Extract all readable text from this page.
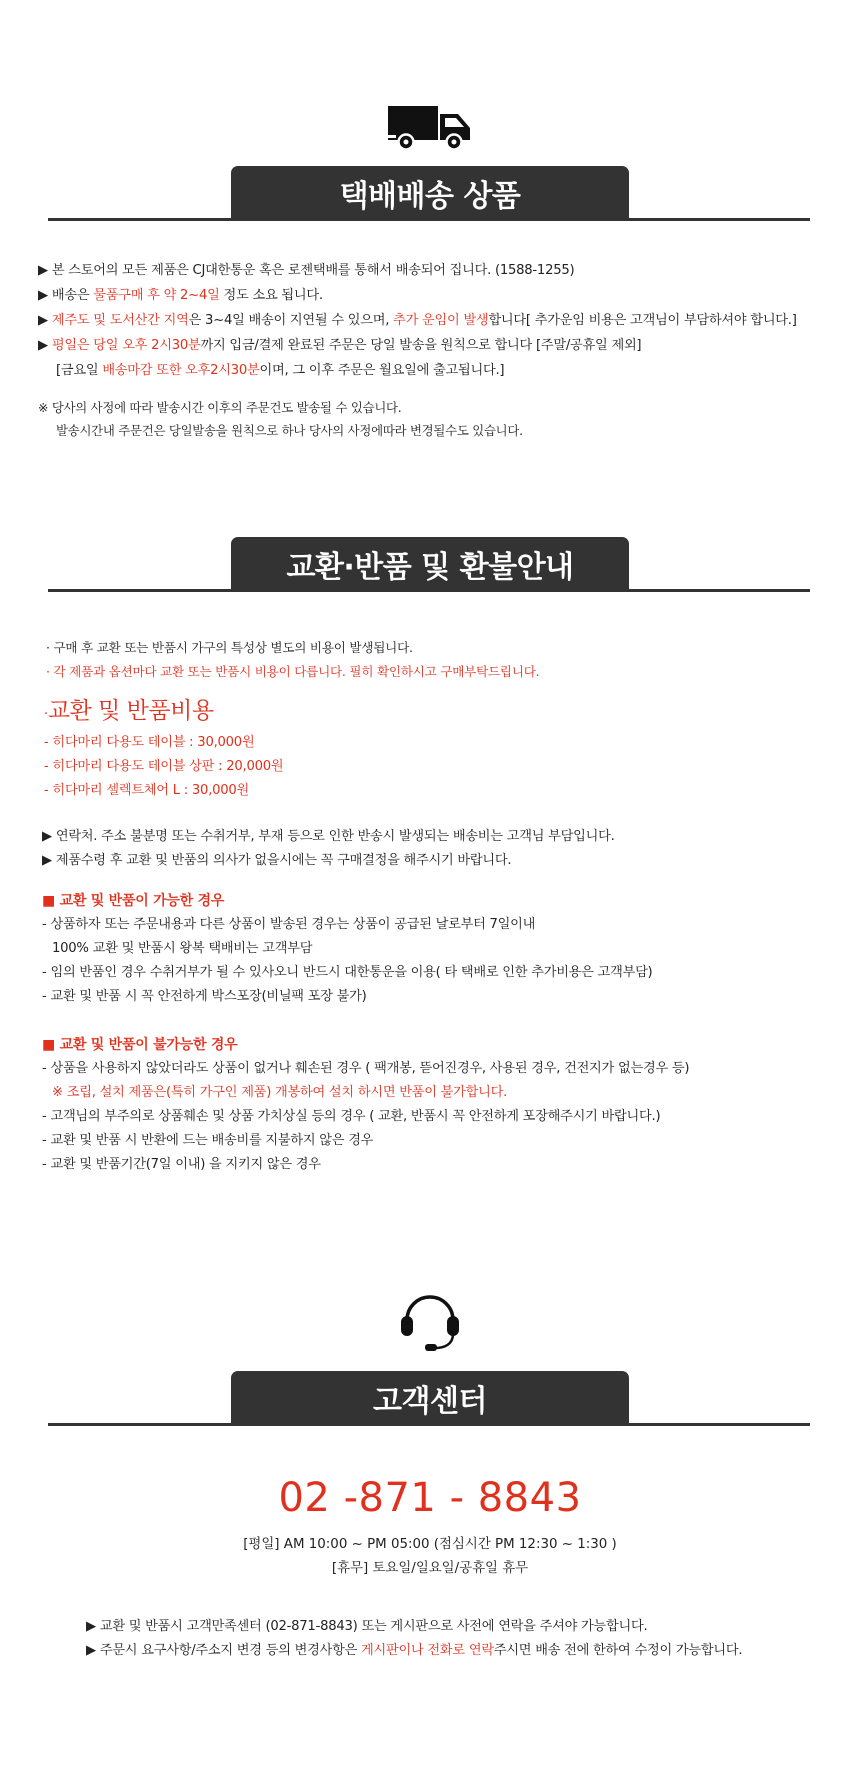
택배배송 상품
▶ 본 스토어의 모든 제품은 CJ대한통운 혹은 로젠택배를 통해서 배송되어 집니다. (1588-1255)
▶ 배송은 물품구매 후 약 2~4일 정도 소요 됩니다.
▶ 제주도 및 도서산간 지역은 3~4일 배송이 지연될 수 있으며, 추가 운임이 발생합니다[ 추가운임 비용은 고객님이 부담하셔야 합니다.]
▶ 평일은 당일 오후 2시30분까지 입금/결제 완료된 주문은 당일 발송을 원칙으로 합니다 [주말/공휴일 제외]
[금요일 배송마감 또한 오후2시30분이며, 그 이후 주문은 월요일에 출고됩니다.]
※ 당사의 사정에 따라 발송시간 이후의 주문건도 발송될 수 있습니다.
발송시간내 주문건은 당일발송을 원칙으로 하나 당사의 사정에따라 변경될수도 있습니다.
교환·반품 및 환불안내
· 구매 후 교환 또는 반품시 가구의 특성상 별도의 비용이 발생됩니다.
· 각 제품과 옵션마다 교환 또는 반품시 비용이 다릅니다. 필히 확인하시고 구매부탁드립니다.
·교환 및 반품비용
- 히다마리 다용도 테이블 : 30,000원
- 히다마리 다용도 테이블 상판 : 20,000원
- 히다마리 셀렉트체어 L : 30,000원
▶ 연락처. 주소 불분명 또는 수취거부, 부재 등으로 인한 반송시 발생되는 배송비는 고객님 부담입니다.
▶ 제품수령 후 교환 및 반품의 의사가 없을시에는 꼭 구매결정을 해주시기 바랍니다.
■ 교환 및 반품이 가능한 경우
- 상품하자 또는 주문내용과 다른 상품이 발송된 경우는 상품이 공급된 날로부터 7일이내
100% 교환 및 반품시 왕복 택배비는 고객부담
- 임의 반품인 경우 수취거부가 될 수 있사오니 반드시 대한통운을 이용( 타 택배로 인한 추가비용은 고객부담)
- 교환 및 반품 시 꼭 안전하게 박스포장(비닐팩 포장 불가)
■ 교환 및 반품이 불가능한 경우
- 상품을 사용하지 않았더라도 상품이 없거나 훼손된 경우 ( 팩개봉, 뜯어진경우, 사용된 경우, 건전지가 없는경우 등)
※ 조립, 설치 제품은(특히 가구인 제품) 개봉하여 설치 하시면 반품이 불가합니다.
- 고객님의 부주의로 상품훼손 및 상품 가치상실 등의 경우 ( 교환, 반품시 꼭 안전하게 포장해주시기 바랍니다.)
- 교환 및 반품 시 반환에 드는 배송비를 지불하지 않은 경우
- 교환 및 반품기간(7일 이내) 을 지키지 않은 경우
고객센터
02 -871 - 8843
[평일] AM 10:00 ~ PM 05:00 (점심시간 PM 12:30 ~ 1:30 )
[휴무] 토요일/일요일/공휴일 휴무
▶ 교환 및 반품시 고객만족센터 (02-871-8843) 또는 게시판으로 사전에 연락을 주셔야 가능합니다.
▶ 주문시 요구사항/주소지 변경 등의 변경사항은 게시판이나 전화로 연락주시면 배송 전에 한하여 수정이 가능합니다.
